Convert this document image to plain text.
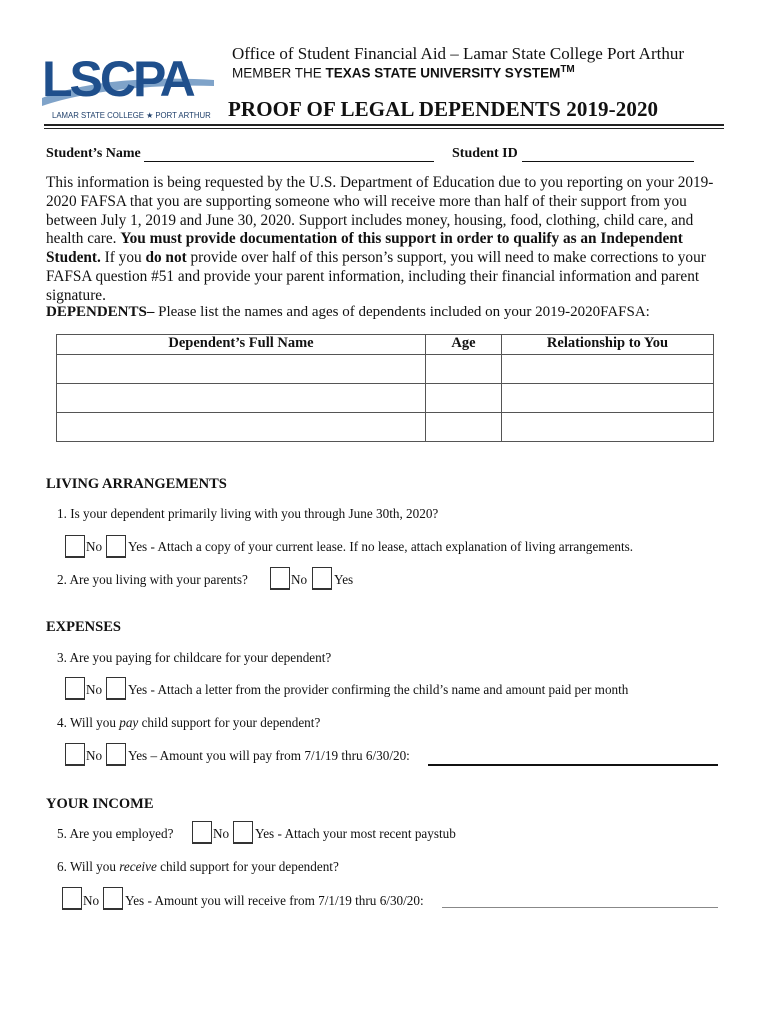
LSCPA
LAMAR STATE COLLEGE ★ PORT ARTHUR
Office of Student Financial Aid – Lamar State College Port Arthur
MEMBER THE TEXAS STATE UNIVERSITY SYSTEM™
PROOF OF LEGAL DEPENDENTS 2019-2020
Student’s Name	Student ID
This information is being requested by the U.S. Department of Education due to you reporting on your 2019-2020 FAFSA that you are supporting someone who will receive more than half of their support from you between July 1, 2019 and June 30, 2020. Support includes money, housing, food, clothing, child care, and health care. You must provide documentation of this support in order to qualify as an Independent Student. If you do not provide over half of this person’s support, you will need to make corrections to your FAFSA question #51 and provide your parent information, including their financial information and parent signature.
DEPENDENTS– Please list the names and ages of dependents included on your 2019-2020FAFSA:
Dependent’s Full Name	Age	Relationship to You

LIVING ARRANGEMENTS
1. Is your dependent primarily living with you through June 30th, 2020?
No Yes - Attach a copy of your current lease. If no lease, attach explanation of living arrangements.
2. Are you living with your parents?	No Yes
EXPENSES
3. Are you paying for childcare for your dependent?
No Yes - Attach a letter from the provider confirming the child’s name and amount paid per month
4. Will you pay child support for your dependent?
No Yes – Amount you will pay from 7/1/19 thru 6/30/20:
YOUR INCOME
5. Are you employed?	No Yes - Attach your most recent paystub
6. Will you receive child support for your dependent?
No Yes - Amount you will receive from 7/1/19 thru 6/30/20:
